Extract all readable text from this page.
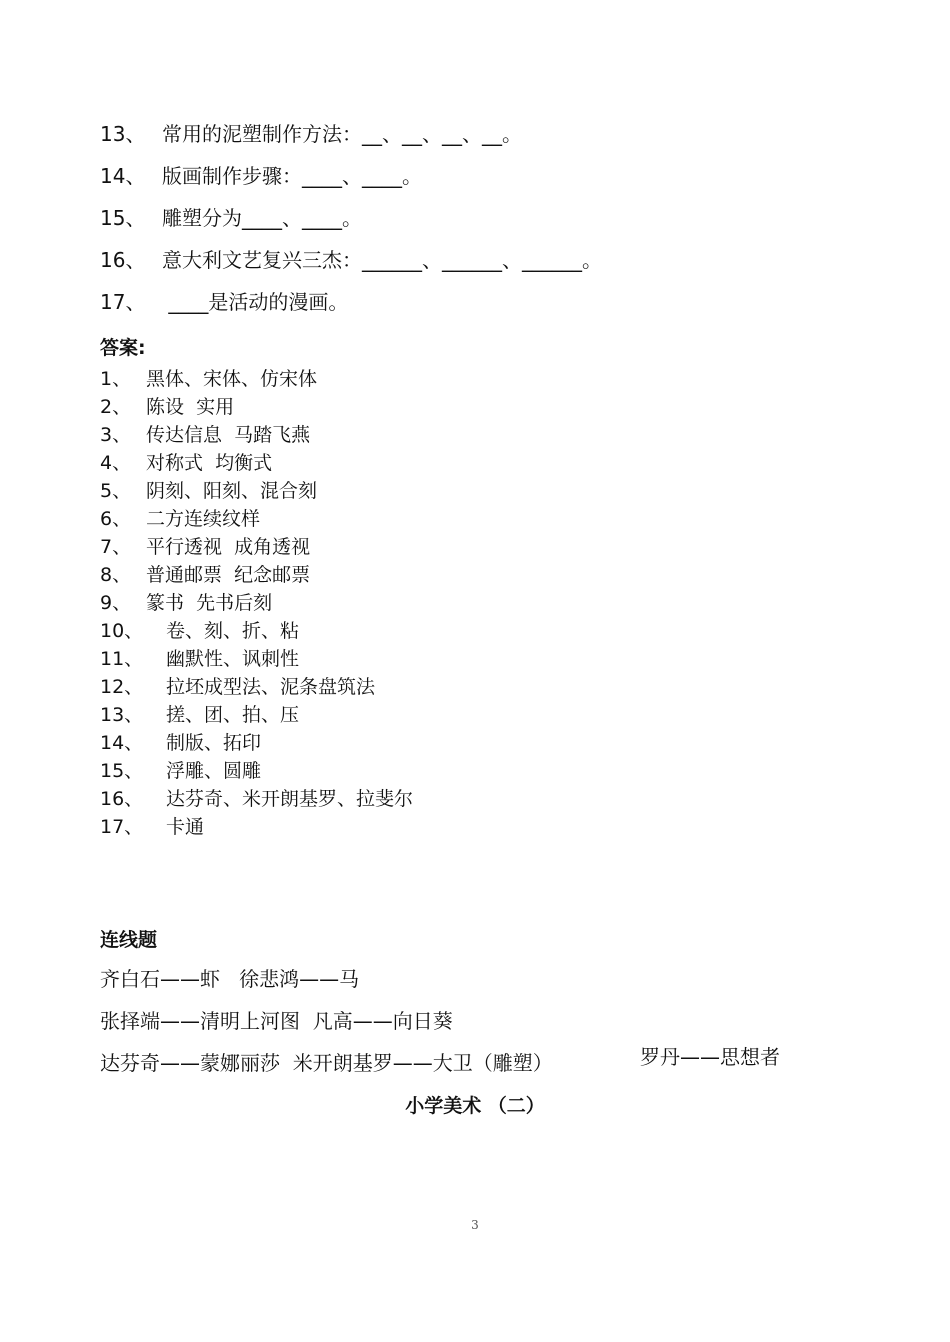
13、 常用的泥塑制作方法：__、__、__、__。
14、 版画制作步骤：____、____。
15、 雕塑分为____、____。
16、 意大利文艺复兴三杰：______、______、______。
17、 ____是活动的漫画。
答案:
1、 黑体、宋体、仿宋体
2、 陈设  实用
3、 传达信息  马踏飞燕
4、 对称式  均衡式
5、 阴刻、阳刻、混合刻
6、 二方连续纹样
7、 平行透视  成角透视
8、 普通邮票  纪念邮票
9、 篆书  先书后刻
10、 卷、刻、折、粘
11、 幽默性、讽刺性
12、 拉坯成型法、泥条盘筑法
13、 搓、团、拍、压
14、 制版、拓印
15、 浮雕、圆雕
16、 达芬奇、米开朗基罗、拉斐尔
17、 卡通
连线题
齐白石——虾   徐悲鸿——马
张择端——清明上河图  凡高——向日葵
达芬奇——蒙娜丽莎  米开朗基罗——大卫（雕塑）	罗丹——思想者
小学美术 （二）
3
